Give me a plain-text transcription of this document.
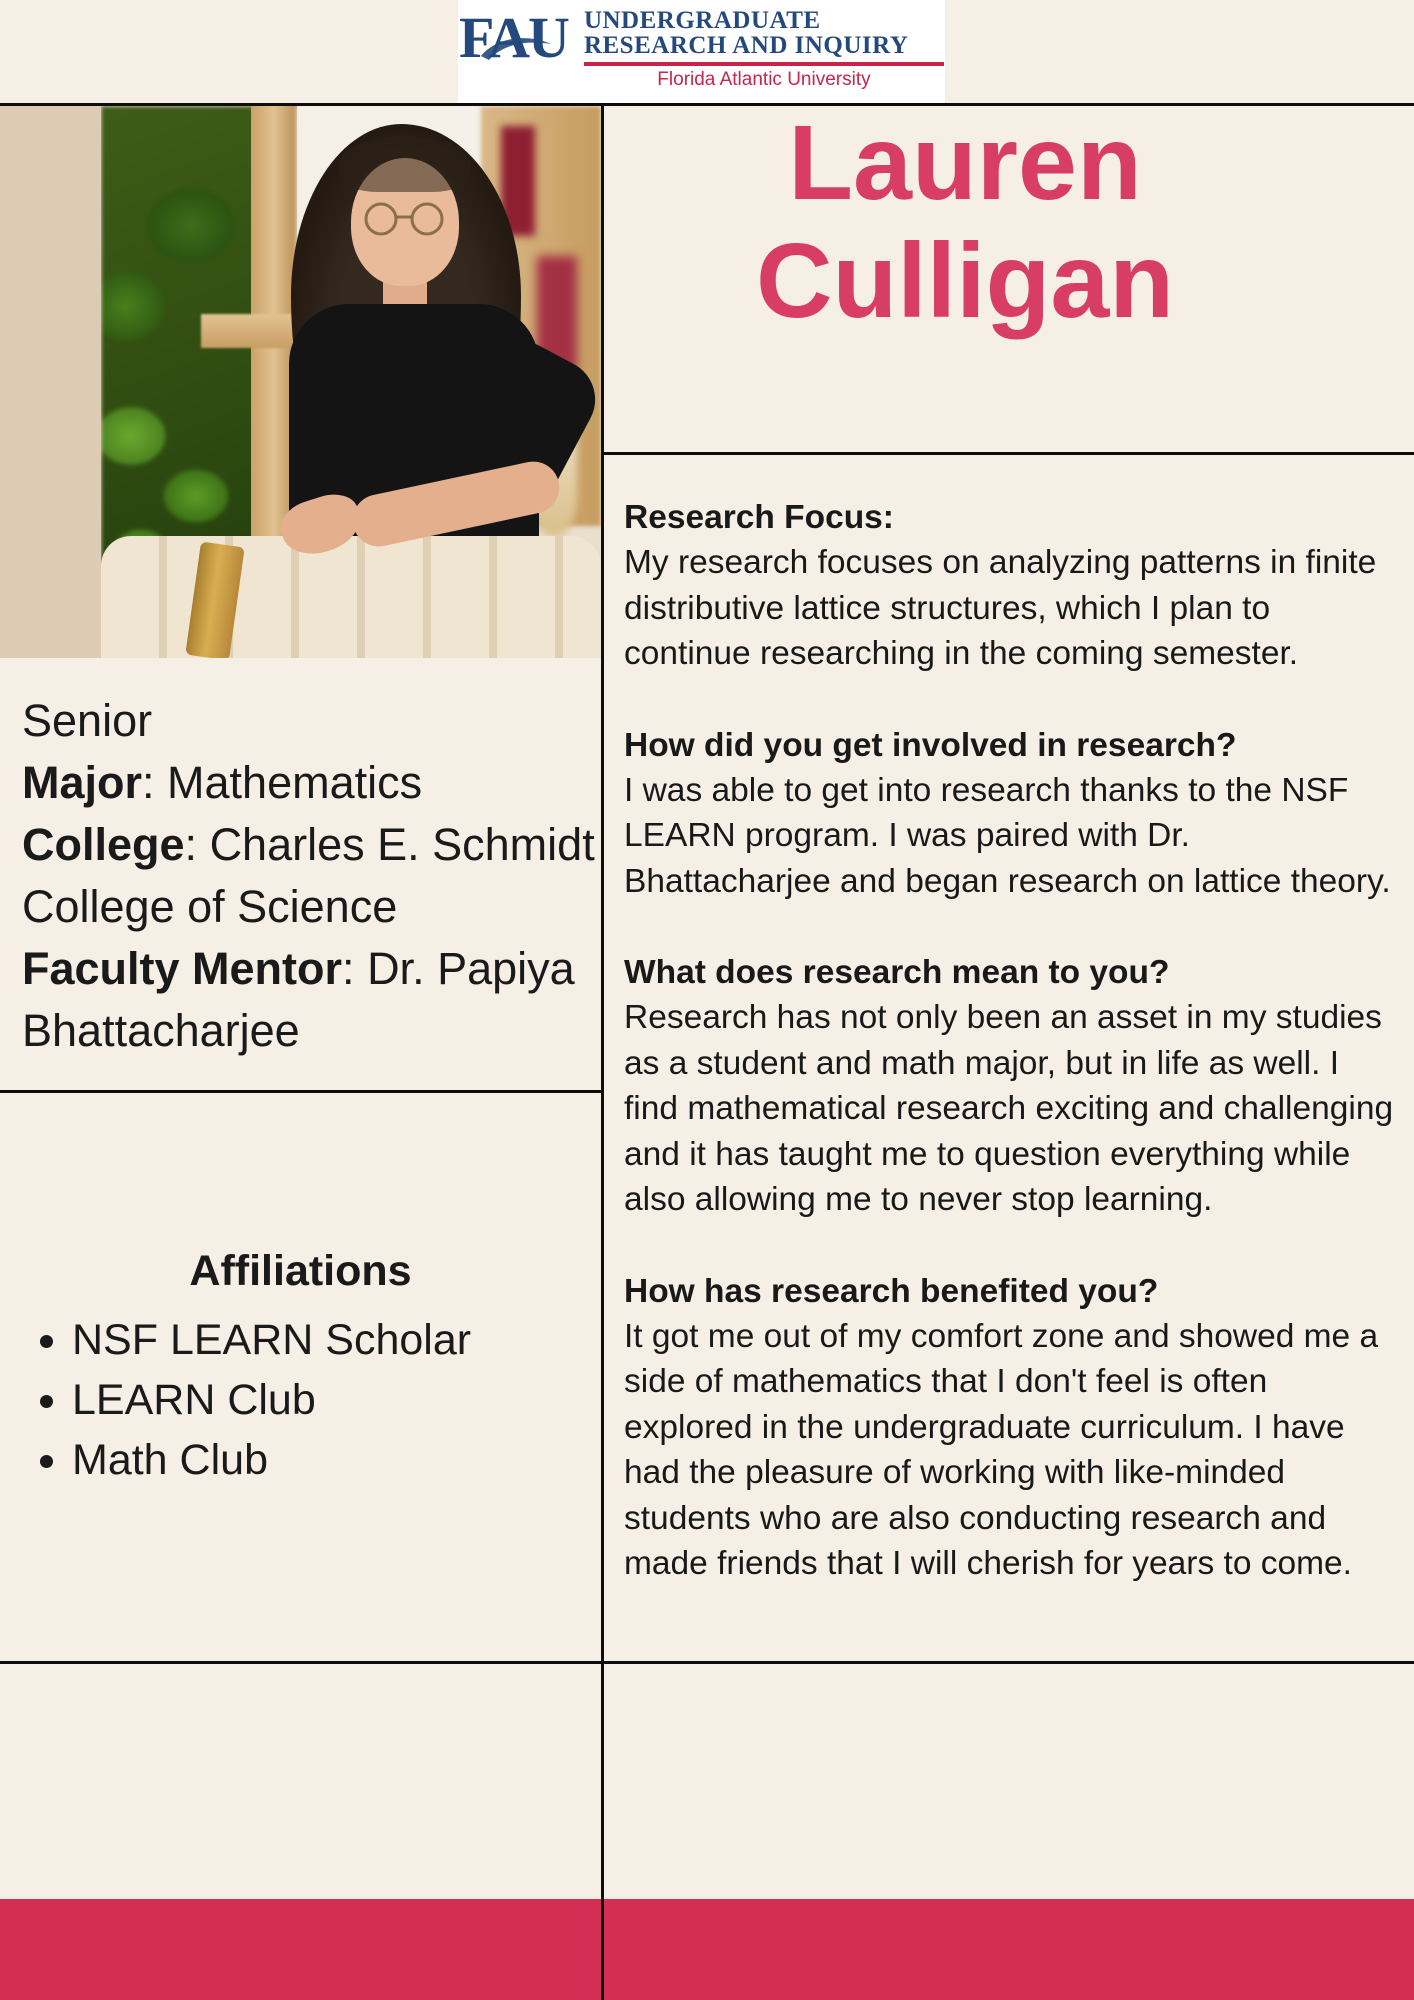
FAU UNDERGRADUATE
RESEARCH AND INQUIRY
Florida Atlantic University
Lauren Culligan
Research Focus:
My research focuses on analyzing patterns in finite distributive lattice structures, which I plan to continue researching in the coming semester.
How did you get involved in research?
I was able to get into research thanks to the NSF LEARN program. I was paired with Dr. Bhattacharjee and began research on lattice theory.
What does research mean to you?
Research has not only been an asset in my studies as a student and math major, but in life as well. I find mathematical research exciting and challenging and it has taught me to question everything while also allowing me to never stop learning.
How has research benefited you?
It got me out of my comfort zone and showed me a side of mathematics that I don't feel is often explored in the undergraduate curriculum. I have had the pleasure of working with like-minded students who are also conducting research and made friends that I will cherish for years to come.
Senior
Major: Mathematics
College: Charles E. Schmidt College of Science
Faculty Mentor: Dr. Papiya Bhattacharjee
Affiliations
• NSF LEARN Scholar
• LEARN Club
• Math Club
